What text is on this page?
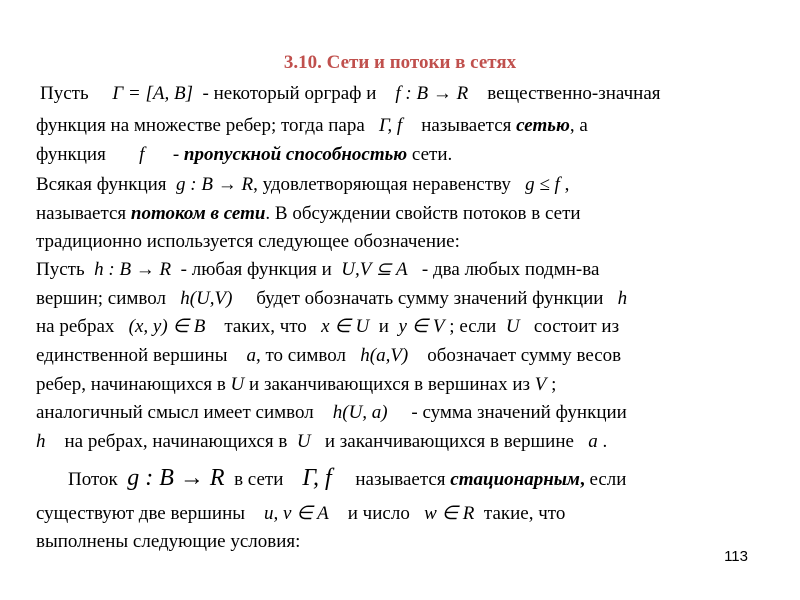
3.10. Сети и потоки в сетях
Пусть Γ = [A, B] - некоторый орграф и f : B → R вещественно-значная
функция на множестве ребер; тогда пара Γ, f называется сетью, а
функция f - пропускной способностью сети.
Всякая функция g : B → R, удовлетворяющая неравенству g ≤ f ,
называется потоком в сети. В обсуждении свойств потоков в сети
традиционно используется следующее обозначение:
Пусть h : B → R - любая функция и U,V ⊆ A - два любых подмн-ва
вершин; символ h(U,V) будет обозначать сумму значений функции h
на ребрах (x, y) ∈ B таких, что x ∈ U и y ∈ V ; если U состоит из
единственной вершины a, то символ h(a,V) обозначает сумму весов
ребер, начинающихся в U и заканчивающихся в вершинах из V ;
аналогичный смысл имеет символ h(U, a) - сумма значений функции
h на ребрах, начинающихся в U и заканчивающихся в вершине a .
Поток g : B → R в сети Γ, f называется стационарным, если
существуют две вершины u, v ∈ A и число w ∈ R такие, что
выполнены следующие условия:
113
